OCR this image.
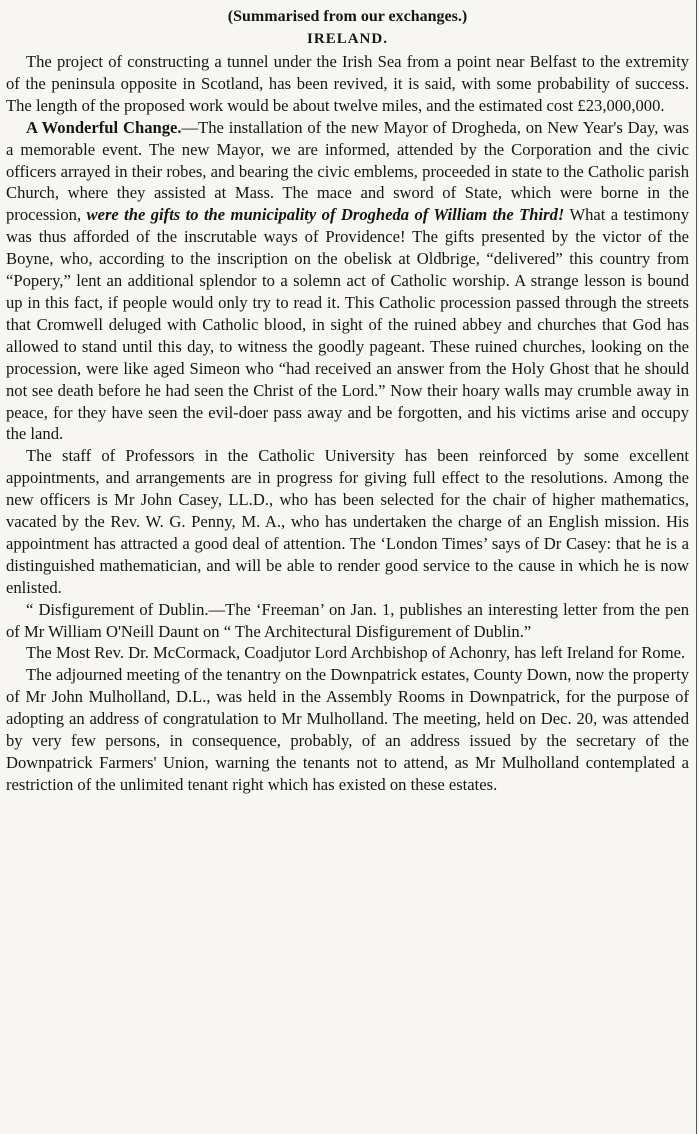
(Summarised from our exchanges.)

IRELAND.

The project of constructing a tunnel under the Irish Sea from a point near Belfast to the extremity of the peninsula opposite in Scotland, has been revived, it is said, with some probability of success. The length of the proposed work would be about twelve miles, and the estimated cost £23,000,000.

A Wonderful Change.—The installation of the new Mayor of Drogheda, on New Year's Day, was a memorable event. The new Mayor, we are informed, attended by the Corporation and the civic officers arrayed in their robes, and bearing the civic emblems, proceeded in state to the Catholic parish Church, where they assisted at Mass. The mace and sword of State, which were borne in the procession, were the gifts to the municipality of Drogheda of William the Third! What a testimony was thus afforded of the inscrutable ways of Providence! The gifts presented by the victor of the Boyne, who, according to the inscription on the obelisk at Oldbrige, “delivered” this country from “Popery,” lent an additional splendor to a solemn act of Catholic worship. A strange lesson is bound up in this fact, if people would only try to read it. This Catholic procession passed through the streets that Cromwell deluged with Catholic blood, in sight of the ruined abbey and churches that God has allowed to stand until this day, to witness the goodly pageant. These ruined churches, looking on the procession, were like aged Simeon who “had received an answer from the Holy Ghost that he should not see death before he had seen the Christ of the Lord.” Now their hoary walls may crumble away in peace, for they have seen the evil-doer pass away and be forgotten, and his victims arise and occupy the land.

The staff of Professors in the Catholic University has been reinforced by some excellent appointments, and arrangements are in progress for giving full effect to the resolutions. Among the new officers is Mr John Casey, LL.D., who has been selected for the chair of higher mathematics, vacated by the Rev. W. G. Penny, M. A., who has undertaken the charge of an English mission. His appointment has attracted a good deal of attention. The ‘London Times’ says of Dr Casey: that he is a distinguished mathematician, and will be able to render good service to the cause in which he is now enlisted.

“ Disfigurement of Dublin.—The ‘Freeman’ on Jan. 1, publishes an interesting letter from the pen of Mr William O'Neill Daunt on “ The Architectural Disfigurement of Dublin.”

The Most Rev. Dr. McCormack, Coadjutor Lord Archbishop of Achonry, has left Ireland for Rome.

The adjourned meeting of the tenantry on the Downpatrick estates, County Down, now the property of Mr John Mulholland, D.L., was held in the Assembly Rooms in Downpatrick, for the purpose of adopting an address of congratulation to Mr Mulholland. The meeting, held on Dec. 20, was attended by very few persons, in consequence, probably, of an address issued by the secretary of the Downpatrick Farmers' Union, warning the tenants not to attend, as Mr Mulholland contemplated a restriction of the unlimited tenant right which has existed on these estates.
